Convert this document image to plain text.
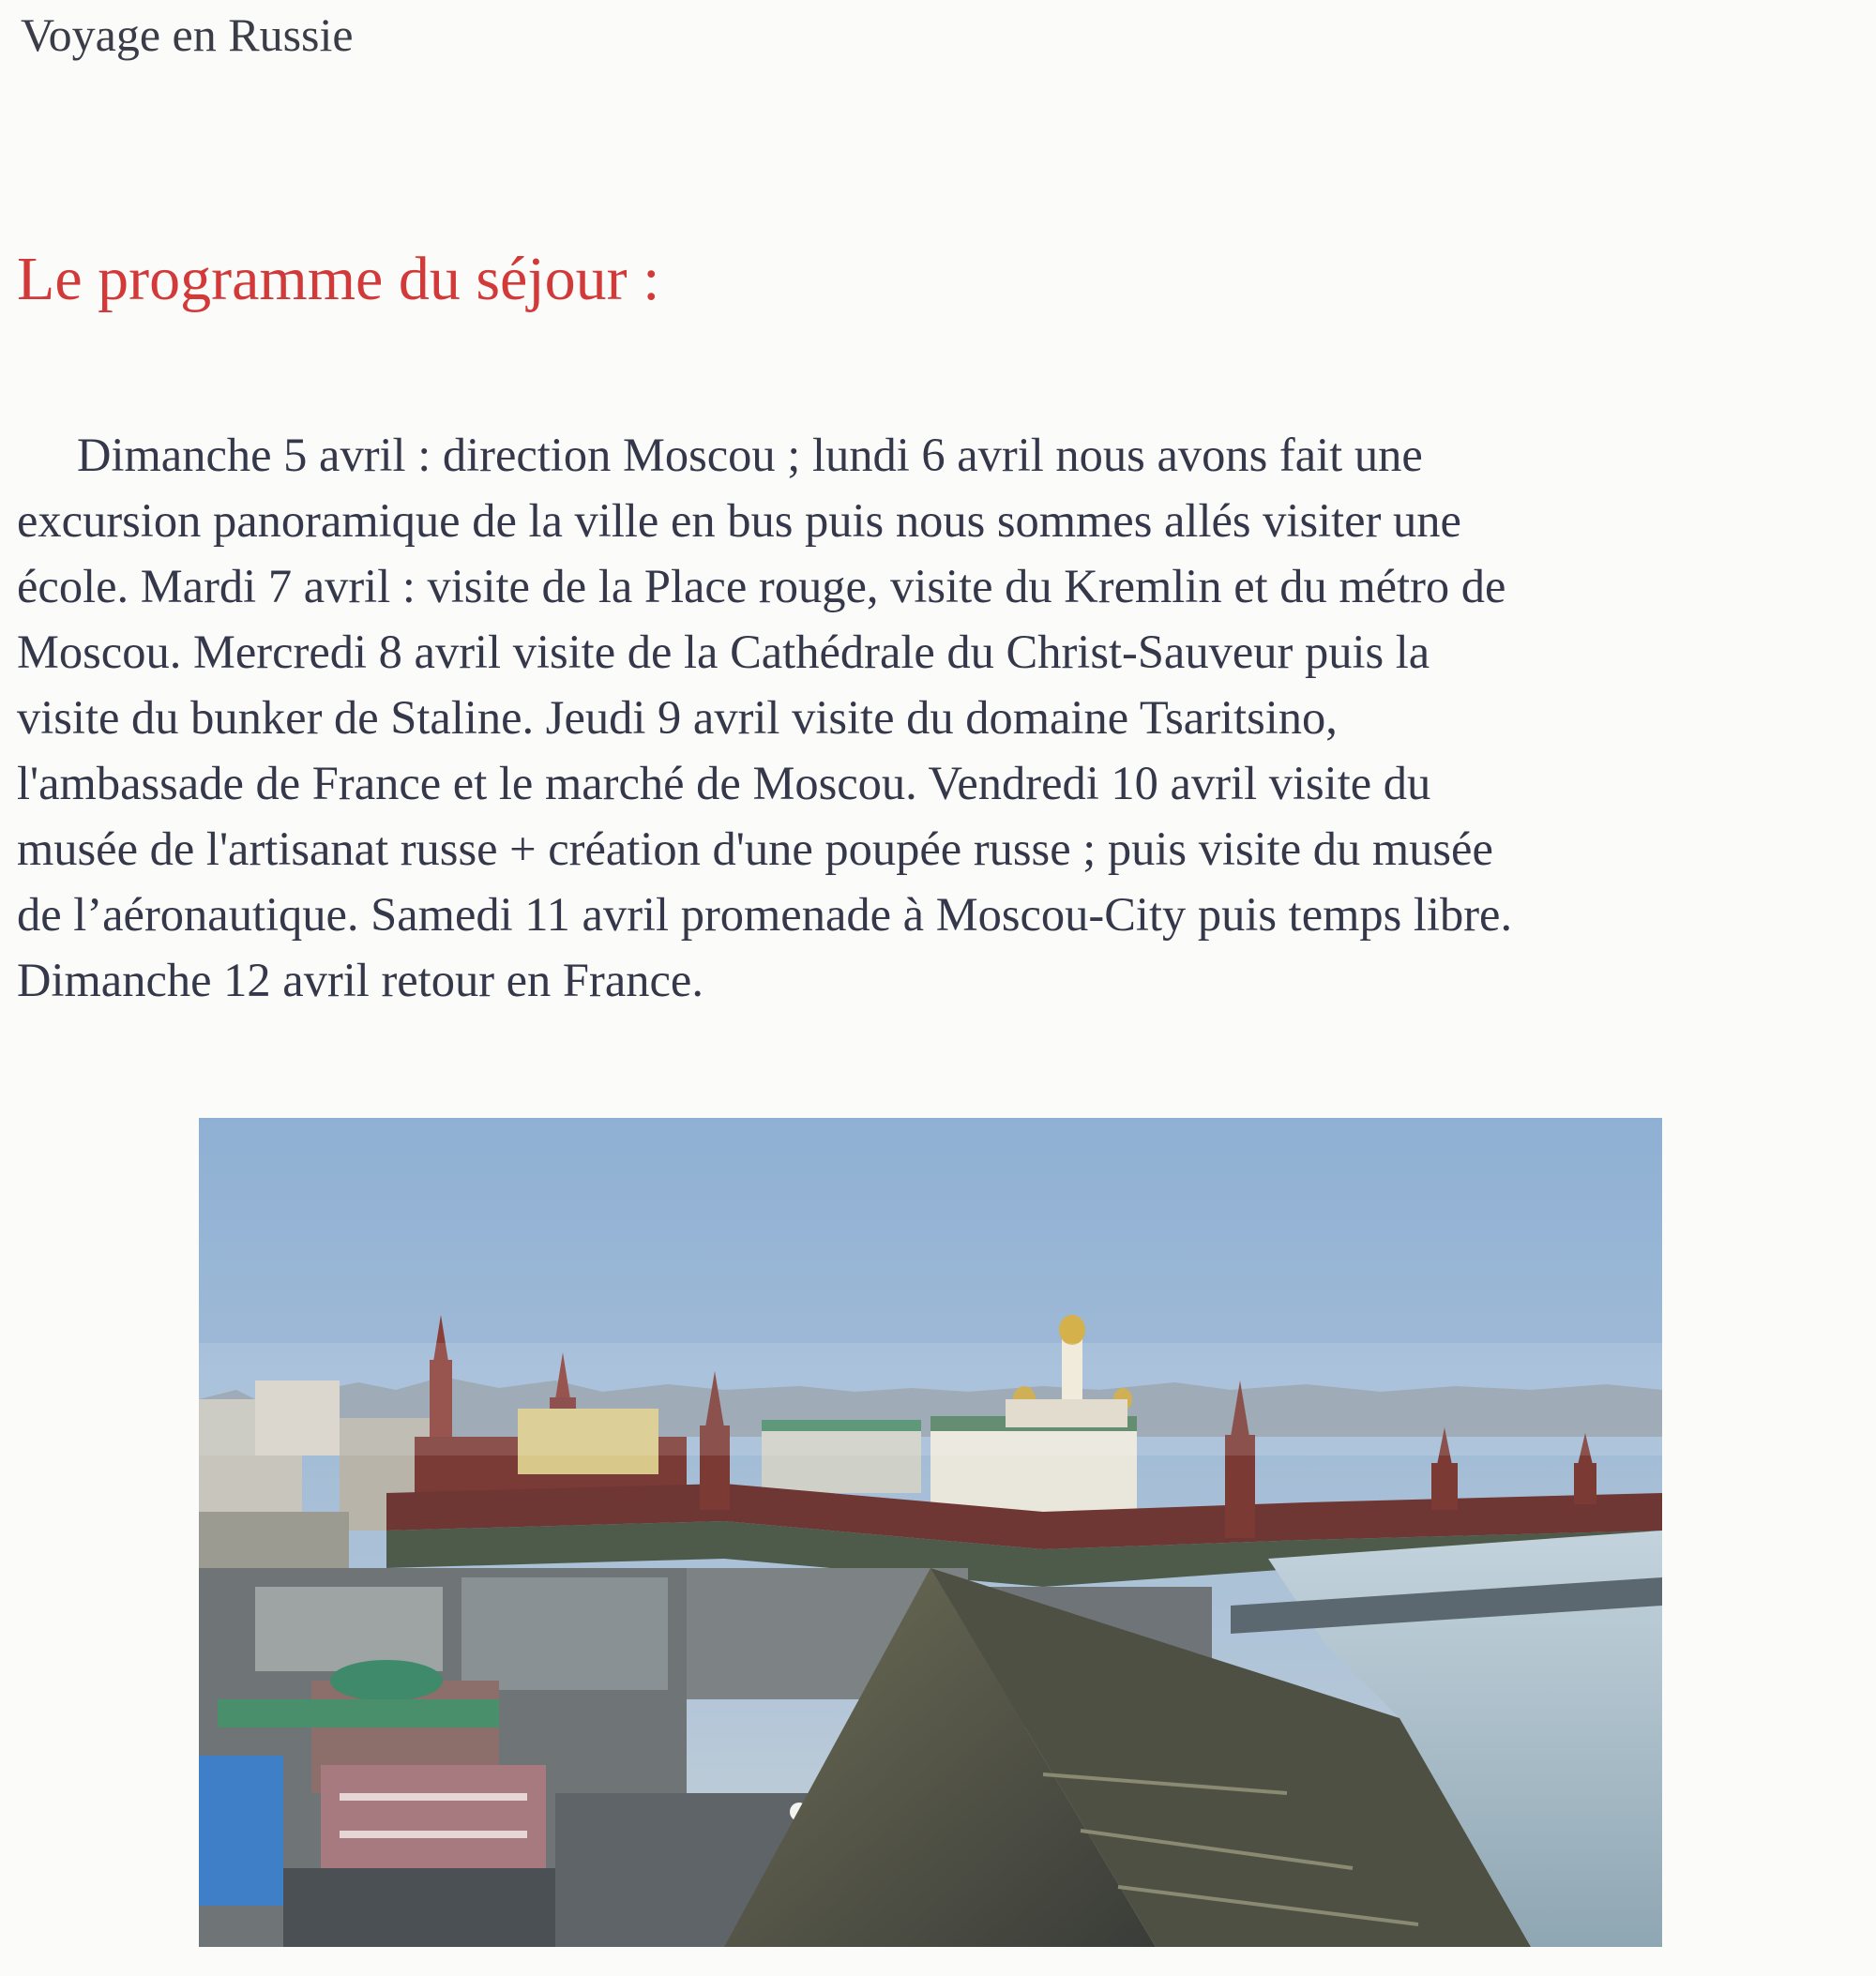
Voyage en Russie
Le programme du séjour :

Dimanche 5 avril : direction Moscou ; lundi 6 avril nous avons fait une
excursion panoramique de la ville en bus puis nous sommes allés visiter une
école. Mardi 7 avril : visite de la Place rouge, visite du Kremlin et du métro de
Moscou. Mercredi 8 avril visite de la Cathédrale du Christ-Sauveur puis la
visite du bunker de Staline. Jeudi 9 avril visite du domaine Tsaritsino,
l'ambassade de France et le marché de Moscou. Vendredi 10 avril visite du
musée de l'artisanat russe + création d'une poupée russe ; puis visite du musée
de l’aéronautique. Samedi 11 avril promenade à Moscou-City puis temps libre.
Dimanche 12 avril retour en France.
